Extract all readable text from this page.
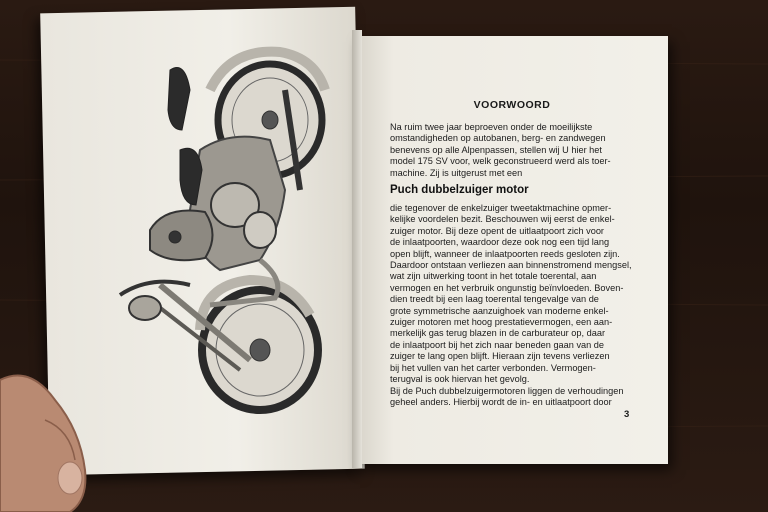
VOORWOORD

Na ruim twee jaar beproeven onder de moeilijkste
omstandigheden op autobanen, berg- en zandwegen
benevens op alle Alpenpassen, stellen wij U hier het
model 175 SV voor, welk geconstrueerd werd als toer-
machine. Zij is uitgerust met een

Puch dubbelzuiger motor

die tegenover de enkelzuiger tweetaktmachine opmer-
kelijke voordelen bezit. Beschouwen wij eerst de enkel-
zuiger motor. Bij deze opent de uitlaatpoort zich voor
de inlaatpoorten, waardoor deze ook nog een tijd lang
open blijft, wanneer de inlaatpoorten reeds gesloten zijn.
Daardoor ontstaan verliezen aan binnenstromend mengsel,
wat zijn uitwerking toont in het totale toerental, aan
vermogen en het verbruik ongunstig beïnvloeden. Boven-
dien treedt bij een laag toerental tengevalge van de
grote symmetrische aanzuighoek van moderne enkel-
zuiger motoren met hoog prestatievermogen, een aan-
merkelijk gas terug blazen in de carburateur op, daar
de inlaatpoort bij het zich naar beneden gaan van de
zuiger te lang open blijft. Hieraan zijn tevens verliezen
bij het vullen van het carter verbonden. Vermogen-
terugval is ook hiervan het gevolg.
Bij de Puch dubbelzuigermotoren liggen de verhoudingen
geheel anders. Hierbij wordt de in- en uitlaatpoort door

3
